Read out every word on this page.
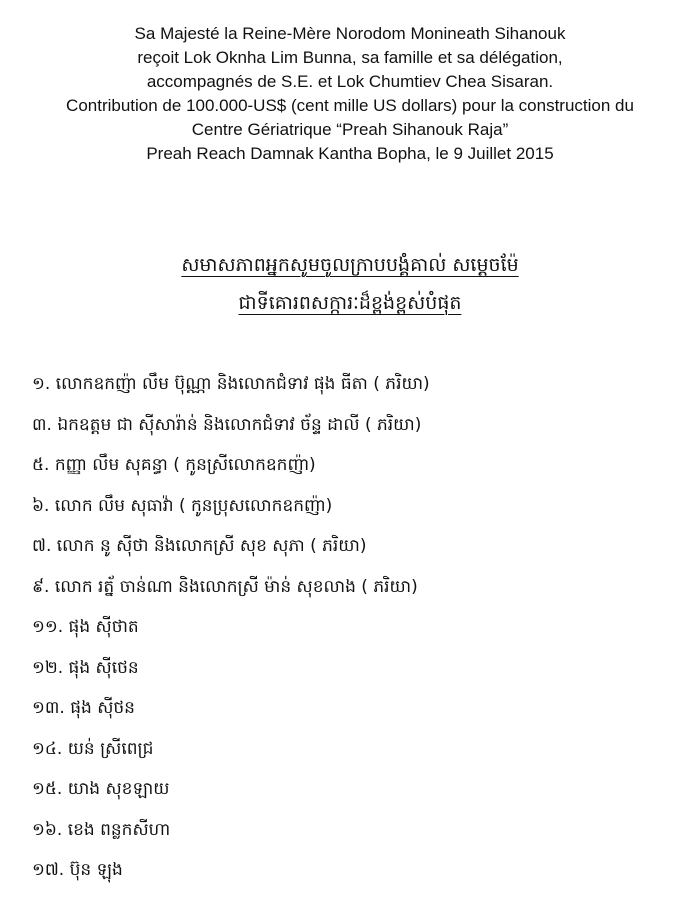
Sa Majesté la Reine-Mère Norodom Monineath Sihanouk
reçoit Lok Oknha Lim Bunna, sa famille et sa délégation,
accompagnés de S.E. et Lok Chumtiev Chea Sisaran.
Contribution de 100.000-US$ (cent mille US dollars) pour la construction du
Centre Gériatrique “Preah Sihanouk Raja”
Preah Reach Damnak Kantha Bopha, le 9 Juillet 2015
សមាសភាពអ្នកសូមចូលក្រាបបង្គំគាល់ សម្ដេចម៉ែ
ជាទីគោរពសក្ការៈដ៏ខ្ពង់ខ្ពស់បំផុត
១. លោកឧកញ៉ា លឹម ប៊ុណ្ណា និងលោកជំទាវ ផុង ធីតា ( ភរិយា)
៣. ឯកឧត្ដម ជា ស៊ីសារ៉ាន់ និងលោកជំទាវ ច័ន្ទ ដាលី ( ភរិយា)
៥. កញ្ញា លឹម សុគន្ធា ( កូនស្រីលោកឧកញ៉ា)
៦. លោក លឹម សុធាវ៉ា ( កូនប្រុសលោកឧកញ៉ា)
៧. លោក នូ ស៊ីថា និងលោកស្រី សុខ សុភា ( ភរិយា)
៩. លោក រត្ន័ ចាន់ណា និងលោកស្រី ម៉ាន់ សុខលាង ( ភរិយា)
១១. ផុង ស៊ីថាត
១២. ផុង ស៊ីថេន
១៣. ផុង ស៊ីថន
១៤. យន់ ស្រីពេជ្រ
១៥. យាង សុខឡាយ
១៦. ខេង ពន្លកសីហា
១៧. ប៊ុន ឡុង
